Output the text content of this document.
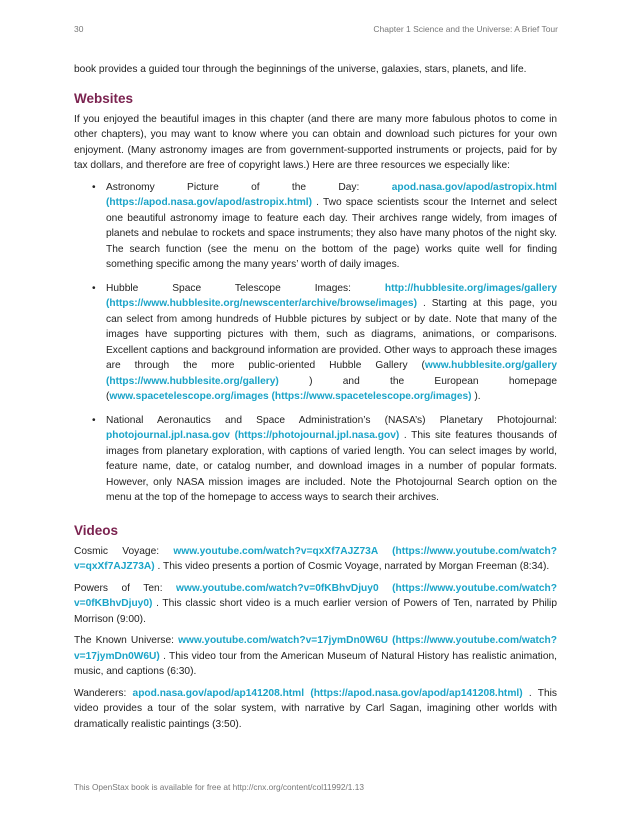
30	Chapter 1 Science and the Universe: A Brief Tour

book provides a guided tour through the beginnings of the universe, galaxies, stars, planets, and life.

Websites

If you enjoyed the beautiful images in this chapter (and there are many more fabulous photos to come in other chapters), you may want to know where you can obtain and download such pictures for your own enjoyment. (Many astronomy images are from government-supported instruments or projects, paid for by tax dollars, and therefore are free of copyright laws.) Here are three resources we especially like:

• Astronomy Picture of the Day: apod.nasa.gov/apod/astropix.html (https://apod.nasa.gov/apod/astropix.html) . Two space scientists scour the Internet and select one beautiful astronomy image to feature each day. Their archives range widely, from images of planets and nebulae to rockets and space instruments; they also have many photos of the night sky. The search function (see the menu on the bottom of the page) works quite well for finding something specific among the many years’ worth of daily images.
• Hubble Space Telescope Images: http://hubblesite.org/images/gallery (https://www.hubblesite.org/newscenter/archive/browse/images) . Starting at this page, you can select from among hundreds of Hubble pictures by subject or by date. Note that many of the images have supporting pictures with them, such as diagrams, animations, or comparisons. Excellent captions and background information are provided. Other ways to approach these images are through the more public-oriented Hubble Gallery (www.hubblesite.org/gallery (https://www.hubblesite.org/gallery) ) and the European homepage (www.spacetelescope.org/images (https://www.spacetelescope.org/images) ).
• National Aeronautics and Space Administration’s (NASA’s) Planetary Photojournal: photojournal.jpl.nasa.gov (https://photojournal.jpl.nasa.gov) . This site features thousands of images from planetary exploration, with captions of varied length. You can select images by world, feature name, date, or catalog number, and download images in a number of popular formats. However, only NASA mission images are included. Note the Photojournal Search option on the menu at the top of the homepage to access ways to search their archives.
Videos

Cosmic Voyage: www.youtube.com/watch?v=qxXf7AJZ73A (https://www.youtube.com/watch?v=qxXf7AJZ73A) . This video presents a portion of Cosmic Voyage, narrated by Morgan Freeman (8:34).

Powers of Ten: www.youtube.com/watch?v=0fKBhvDjuy0 (https://www.youtube.com/watch?v=0fKBhvDjuy0) . This classic short video is a much earlier version of Powers of Ten, narrated by Philip Morrison (9:00).

The Known Universe: www.youtube.com/watch?v=17jymDn0W6U (https://www.youtube.com/watch?v=17jymDn0W6U) . This video tour from the American Museum of Natural History has realistic animation, music, and captions (6:30).

Wanderers: apod.nasa.gov/apod/ap141208.html (https://apod.nasa.gov/apod/ap141208.html) . This video provides a tour of the solar system, with narrative by Carl Sagan, imagining other worlds with dramatically realistic paintings (3:50).

This OpenStax book is available for free at http://cnx.org/content/col11992/1.13
